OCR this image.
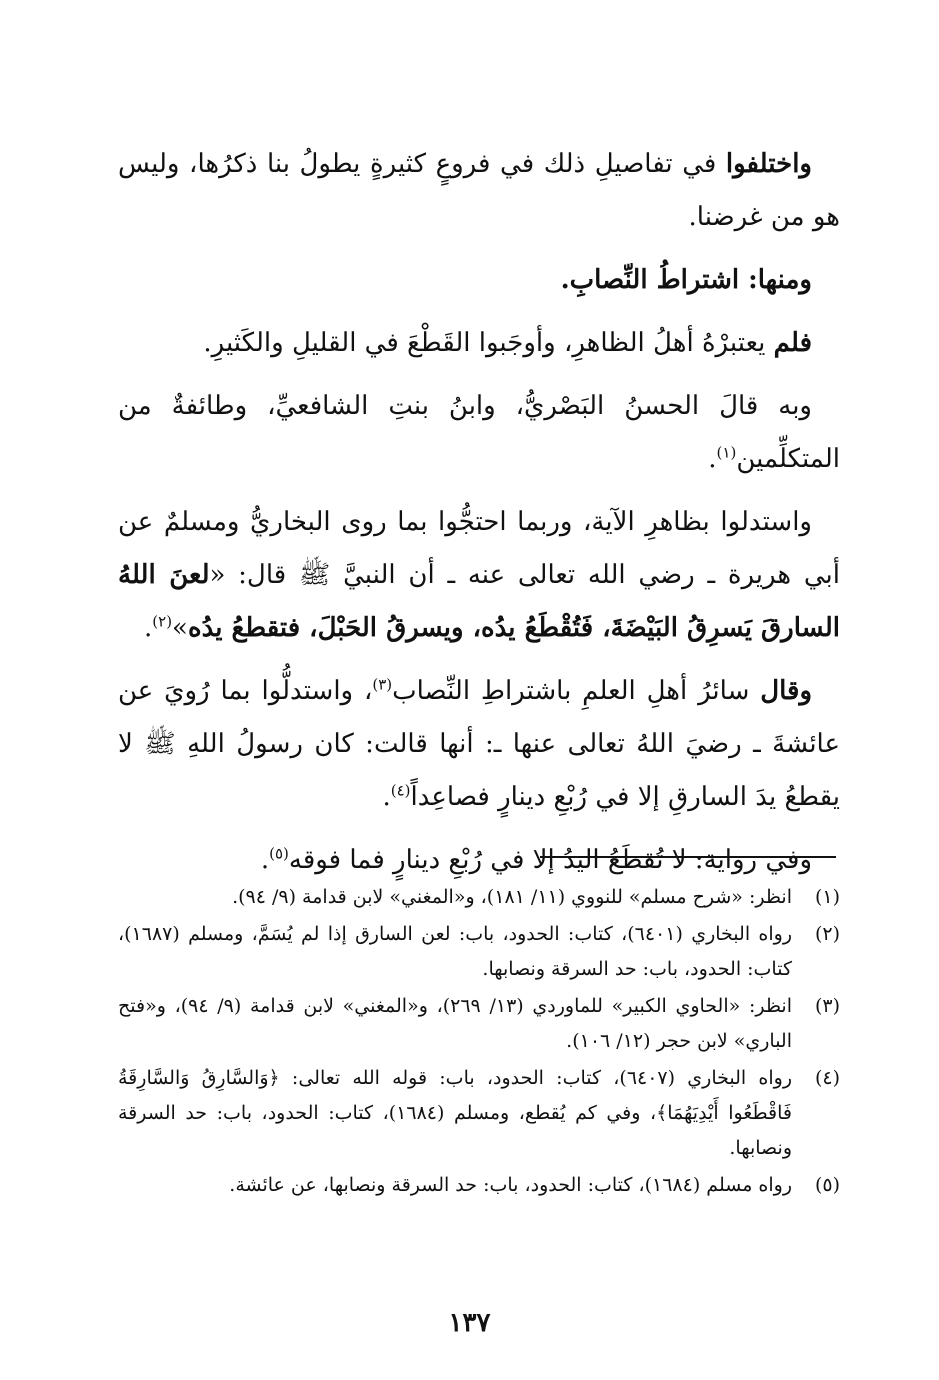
واختلفوا في تفاصيلِ ذلك في فروعٍ كثيرةٍ يطولُ بنا ذكرُها، وليس هو من غرضنا.

ومنها: اشتراطُ النِّصابِ.

فلم يعتبرْهُ أهلُ الظاهرِ، وأوجَبوا القَطْعَ في القليلِ والكَثيرِ.

وبه قالَ الحسنُ البَصْريُّ، وابنُ بنتِ الشافعيِّ، وطائفةٌ من المتكلِّمين$^{(١)}$.

واستدلوا بظاهرِ الآية، وربما احتجُّوا بما روى البخاريُّ ومسلمٌ عن أبي هريرة ـ رضي الله تعالى عنه ـ أن النبيَّ ﷺ قال: «لعنَ اللهُ السارقَ يَسرِقُ البَيْضَةَ، فَتُقْطَعُ يدُه، ويسرقُ الحَبْلَ، فتقطعُ يدُه»$^{(٢)}$.

وقال سائرُ أهلِ العلمِ باشتراطِ النِّصاب$^{(٣)}$، واستدلُّوا بما رُويَ عن عائشةَ ـ رضيَ اللهُ تعالى عنها ـ: أنها قالت: كان رسولُ اللهِ ﷺ لا يقطعُ يدَ السارقِ إلا في رُبْعِ دينارٍ فصاعِداً$^{(٤)}$.

وفي رواية: لا تُقطَعُ اليدُ إلا في رُبْعِ دينارٍ فما فوقه$^{(٥)}$.

(١)
انظر: «شرح مسلم» للنووي (١١/ ١٨١)، و«المغني» لابن قدامة (٩/ ٩٤).
(٢)
رواه البخاري (٦٤٠١)، كتاب: الحدود، باب: لعن السارق إذا لم يُسَمَّ، ومسلم (١٦٨٧)، كتاب: الحدود، باب: حد السرقة ونصابها.
(٣)
انظر: «الحاوي الكبير» للماوردي (١٣/ ٢٦٩)، و«المغني» لابن قدامة (٩/ ٩٤)، و«فتح الباري» لابن حجر (١٢/ ١٠٦).
(٤)
رواه البخاري (٦٤٠٧)، كتاب: الحدود، باب: قوله الله تعالى: ﴿وَالسَّارِقُ وَالسَّارِقَةُ فَاقْطَعُوا أَيْدِيَهُمَا﴾، وفي كم يُقطع، ومسلم (١٦٨٤)، كتاب: الحدود، باب: حد السرقة ونصابها.
(٥)
رواه مسلم (١٦٨٤)، كتاب: الحدود، باب: حد السرقة ونصابها، عن عائشة.
١٣٧
